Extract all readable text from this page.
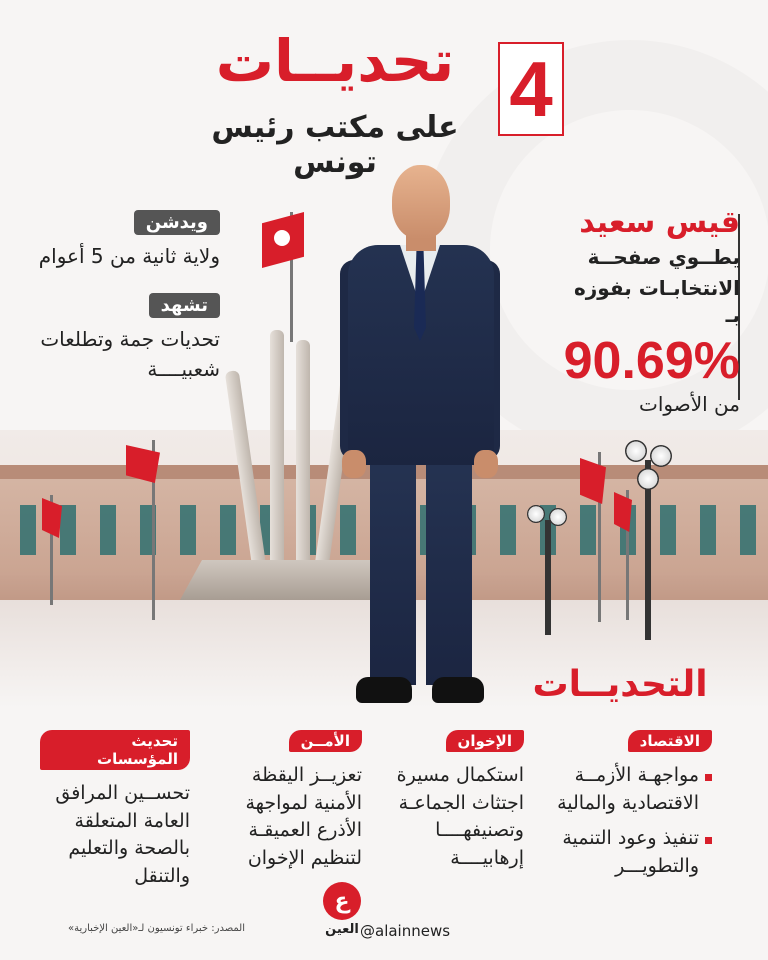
4
تحديــات
على مكتب رئيس تونس
قيس سعيد
يطــوي صفحــة
الانتخابـات بفوزه بـ
90.69%
من الأصوات
ويدشن
ولاية ثانية من 5 أعوام
تشهد
تحديات جمة وتطلعات شعبيــــة
التحديــات
الاقتصاد
مواجهـة الأزمــة الاقتصادية والمالية
تنفيذ وعود التنمية والتطويـــر
الإخوان
استكمال مسيرة اجتثاث الجماعـة وتصنيفهــــا إرهابيــــة
الأمــن
تعزيــز اليقظة الأمنية لمواجهة الأذرع العميقـة لتنظيم الإخوان
تحديث المؤسسات
تحســين المرافق العامة المتعلقة بالصحة والتعليم والتنقل
ع
العين @alainnews
المصدر: خبراء تونسيون لـ«العين الإخبارية»
